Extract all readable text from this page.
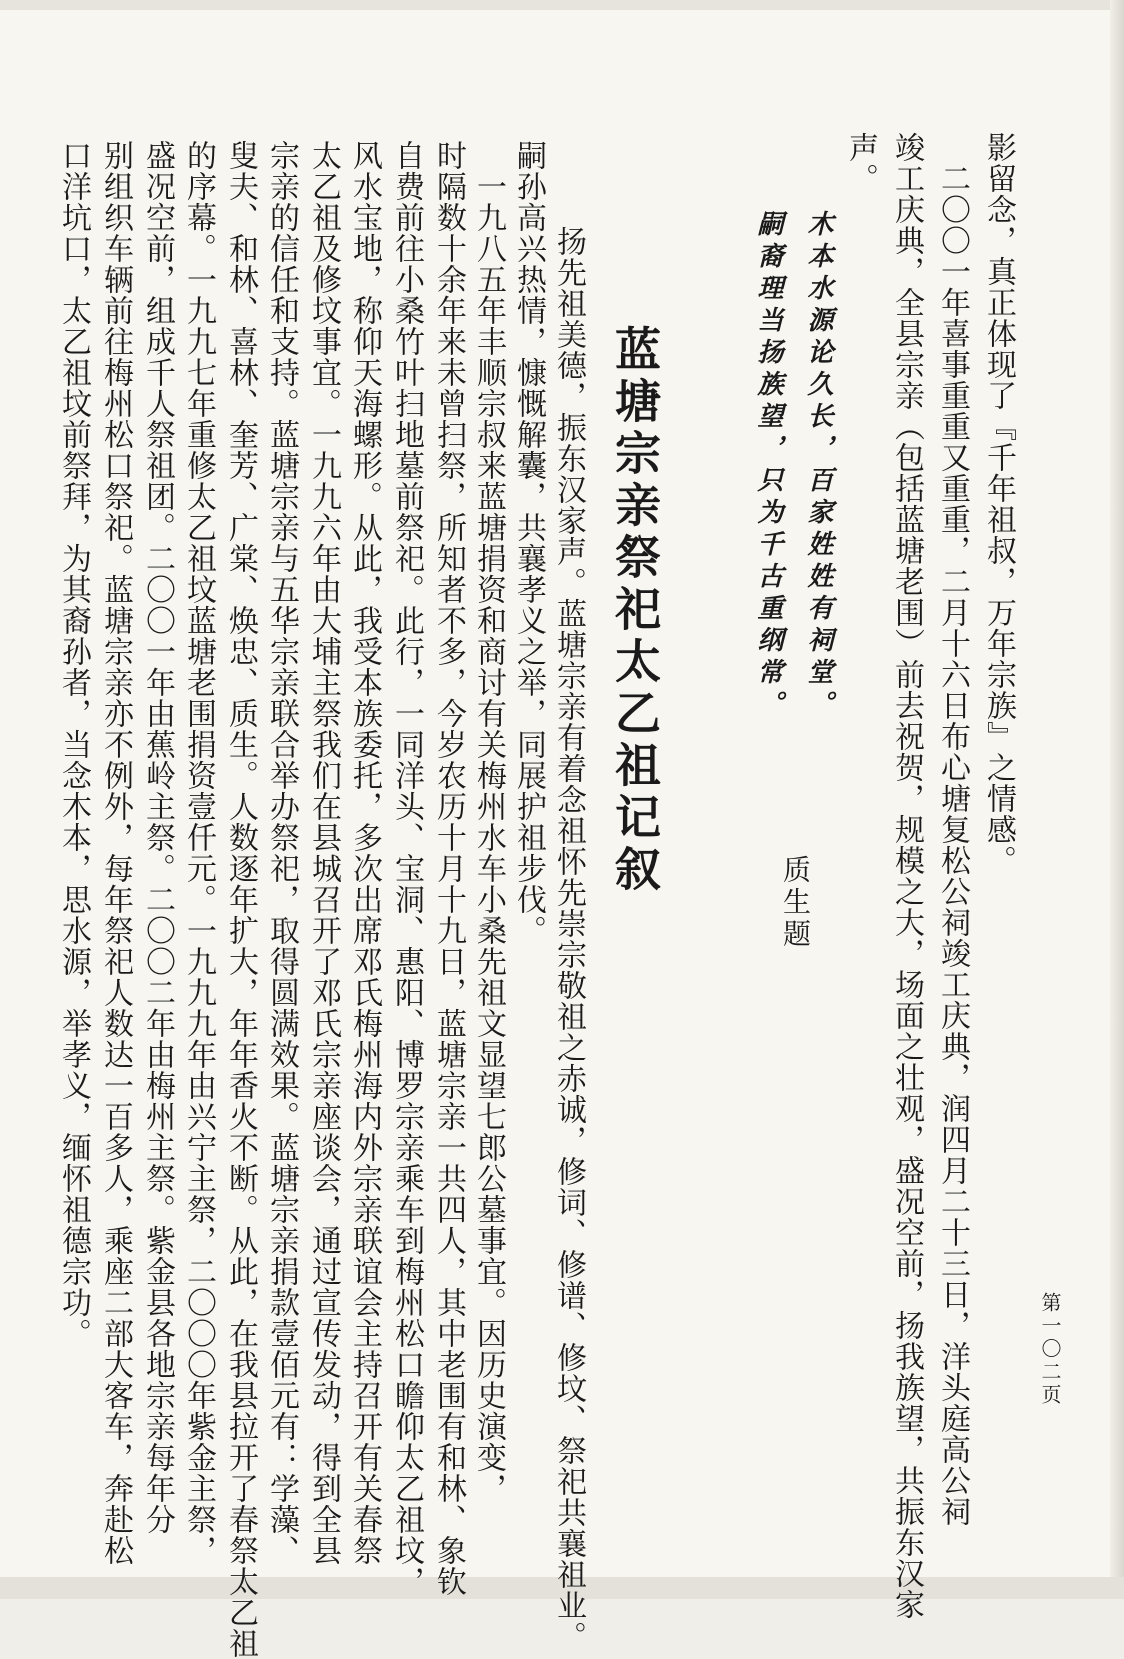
影留念，真正体现了『千年祖叔，万年宗族』之情感。
　二〇〇一年喜事重重又重重，二月十六日布心塘复松公祠竣工庆典，润四月二十三日，洋头庭高公祠
竣工庆典，全县宗亲（包括蓝塘老围）前去祝贺，规模之大，场面之壮观，盛况空前，扬我族望，共振东汉家
声。
木本水源论久长，百家姓姓有祠堂。
嗣裔理当扬族望，只为千古重纲常。
质生题
蓝塘宗亲祭祀太乙祖记叙
　扬先祖美德，振东汉家声。蓝塘宗亲有着念祖怀先崇宗敬祖之赤诚，修词、修谱、修坟、祭祀共襄祖业。
嗣孙高兴热情，慷慨解囊，共襄孝义之举，同展护祖步伐。
　一九八五年丰顺宗叔来蓝塘捐资和商讨有关梅州水车小桑先祖文显望七郎公墓事宜。因历史演变，
时隔数十余年来未曾扫祭，所知者不多，今岁农历十月十九日，蓝塘宗亲一共四人，其中老围有和林、象钦
自费前往小桑竹叶扫地墓前祭祀。此行，一同洋头、宝洞、惠阳、博罗宗亲乘车到梅州松口瞻仰太乙祖坟，
风水宝地，称仰天海螺形。从此，我受本族委托，多次出席邓氏梅州海内外宗亲联谊会主持召开有关春祭
太乙祖及修坟事宜。一九九六年由大埔主祭我们在县城召开了邓氏宗亲座谈会，通过宣传发动，得到全县
宗亲的信任和支持。蓝塘宗亲与五华宗亲联合举办祭祀，取得圆满效果。蓝塘宗亲捐款壹佰元有：学藻、
叟夫、和林、喜林、奎芳、广棠、焕忠、质生。人数逐年扩大，年年香火不断。从此，在我县拉开了春祭太乙祖
的序幕。一九九七年重修太乙祖坟蓝塘老围捐资壹仟元。一九九九年由兴宁主祭，二〇〇〇年紫金主祭，
盛况空前，组成千人祭祖团。二〇〇一年由蕉岭主祭。二〇〇二年由梅州主祭。紫金县各地宗亲每年分
别组织车辆前往梅州松口祭祀。蓝塘宗亲亦不例外，每年祭祀人数达一百多人，乘座二部大客车，奔赴松
口洋坑口，太乙祖坟前祭拜，为其裔孙者，当念木本，思水源，举孝义，缅怀祖德宗功。
第一〇二页
